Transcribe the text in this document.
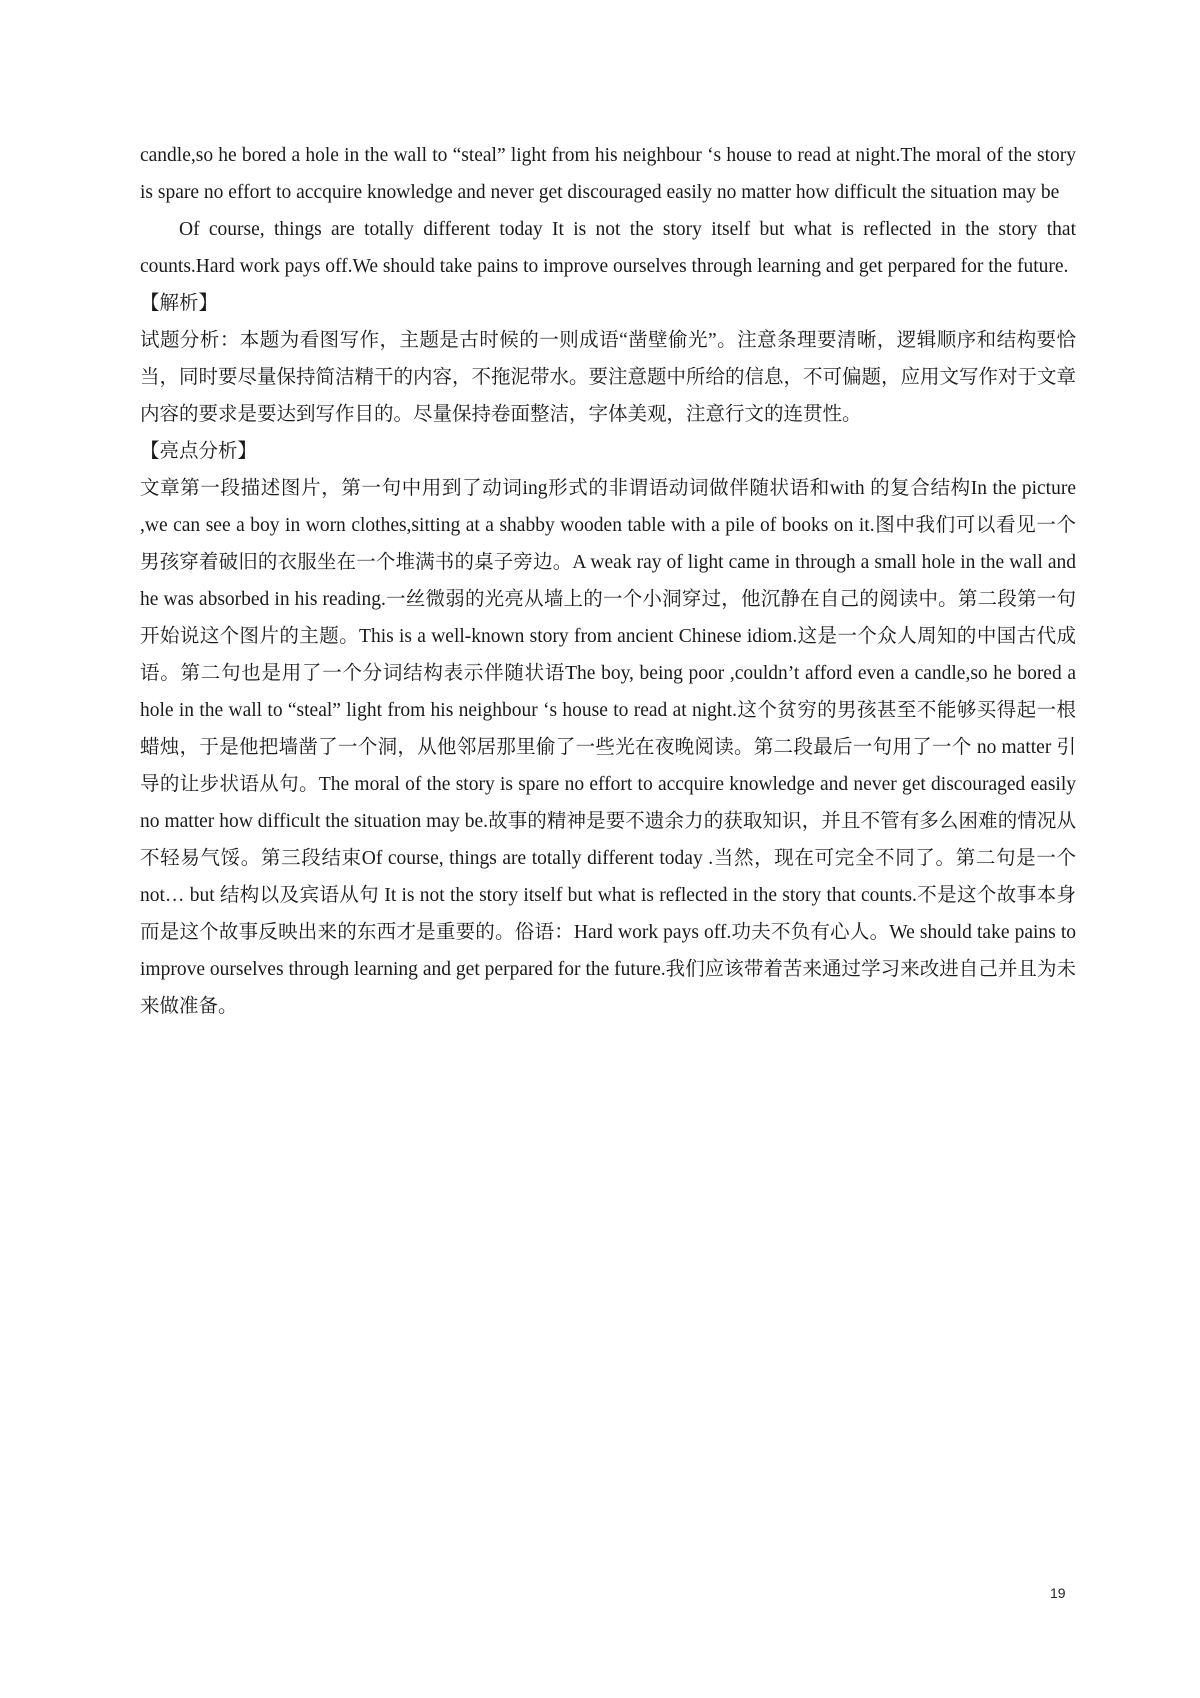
candle,so he bored a hole in the wall to “steal” light from his neighbour ‘s house to read at night.The moral of the story is spare no effort to accquire knowledge and never get discouraged easily no matter how difficult the situation may be

Of course, things are totally different today It is not the story itself but what is reflected in the story that counts.Hard work pays off.We should take pains to improve ourselves through learning and get perpared for the future.

【解析】

试题分析：本题为看图写作，主题是古时候的一则成语“凿壁偷光”。注意条理要清晰，逻辑顺序和结构要恰当，同时要尽量保持简洁精干的内容，不拖泥带水。要注意题中所给的信息，不可偏题，应用文写作对于文章内容的要求是要达到写作目的。尽量保持卷面整洁，字体美观，注意行文的连贯性。

【亮点分析】

文章第一段描述图片，第一句中用到了动词ing形式的非谓语动词做伴随状语和with 的复合结构In the picture ,we can see a boy in worn clothes,sitting at a shabby wooden table with a pile of books on it.图中我们可以看见一个男孩穿着破旧的衣服坐在一个堆满书的桌子旁边。A weak ray of light came in through a small hole in the wall and he was absorbed in his reading.一丝微弱的光亮从墙上的一个小洞穿过，他沉静在自己的阅读中。第二段第一句开始说这个图片的主题。This is a well-known story from ancient Chinese idiom.这是一个众人周知的中国古代成语。第二句也是用了一个分词结构表示伴随状语The boy, being poor ,couldn’t afford even a candle,so he bored a hole in the wall to “steal” light from his neighbour ‘s house to read at night.这个贫穷的男孩甚至不能够买得起一根蜡烛，于是他把墙凿了一个洞，从他邻居那里偷了一些光在夜晚阅读。第二段最后一句用了一个 no matter 引导的让步状语从句。The moral of the story is spare no effort to accquire knowledge and never get discouraged easily no matter how difficult the situation may be.故事的精神是要不遗余力的获取知识，并且不管有多么困难的情况从不轻易气馁。第三段结束Of course, things are totally different today .当然，现在可完全不同了。第二句是一个 not… but 结构以及宾语从句 It is not the story itself but what is reflected in the story that counts.不是这个故事本身而是这个故事反映出来的东西才是重要的。俗语：Hard work pays off.功夫不负有心人。We should take pains to improve ourselves through learning and get perpared for the future.我们应该带着苦来通过学习来改进自己并且为未来做准备。

19
